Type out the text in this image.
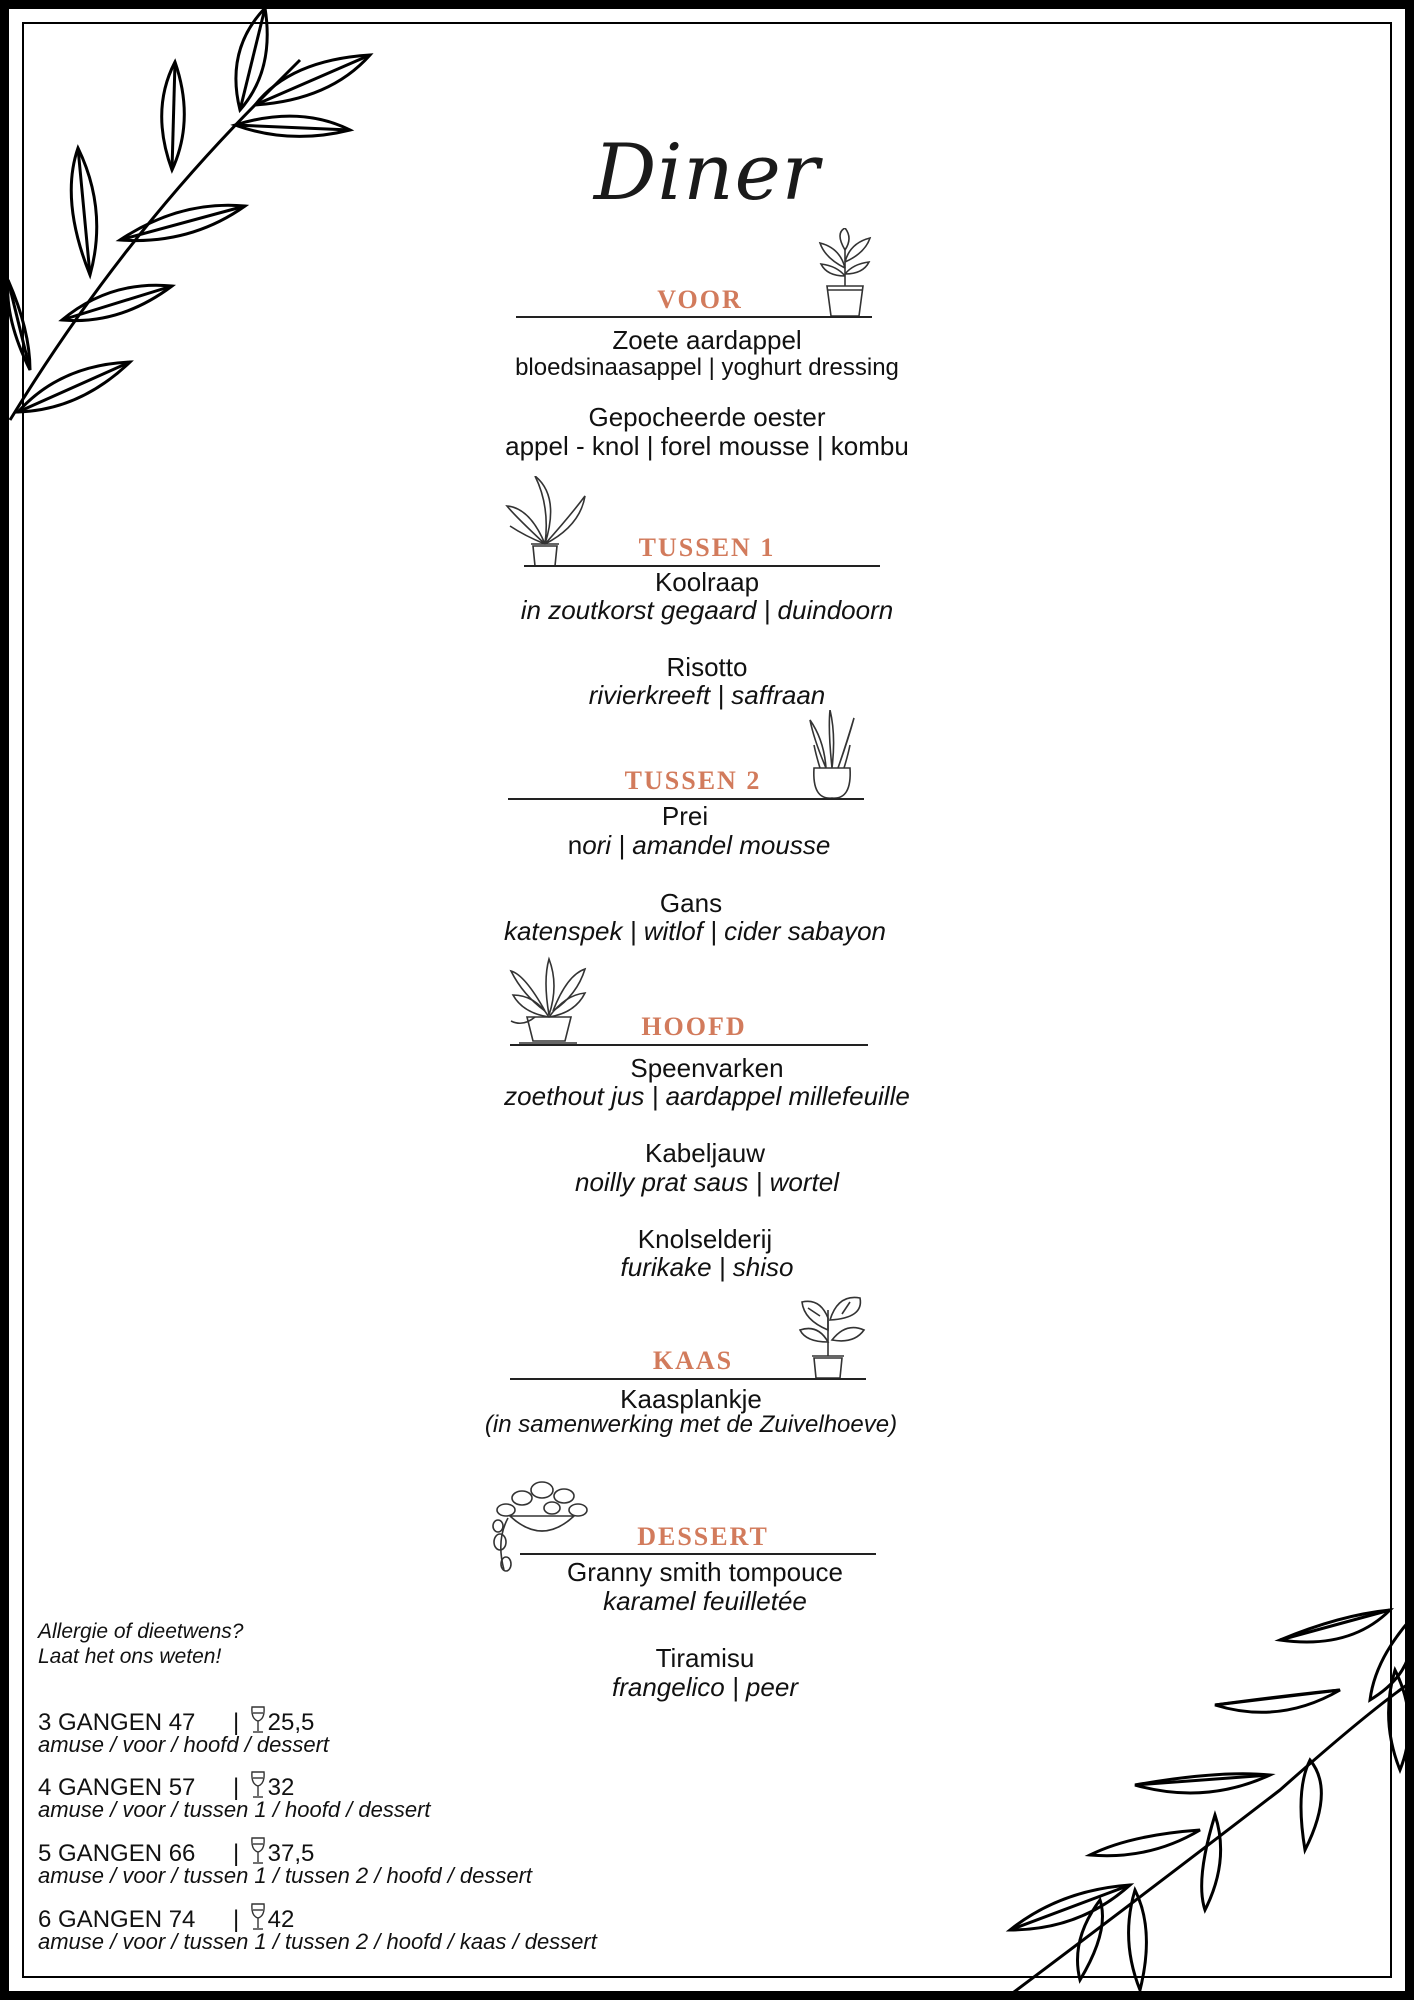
Diner
VOOR
Zoete aardappel
bloedsinaasappel | yoghurt dressing
Gepocheerde oester
appel - knol | forel mousse | kombu
TUSSEN 1
Koolraap
in zoutkorst gegaard | duindoorn
Risotto
rivierkreeft | saffraan
TUSSEN 2
Prei
nori | amandel mousse
Gans
katenspek | witlof | cider sabayon
HOOFD
Speenvarken
zoethout jus | aardappel millefeuille
Kabeljauw
noilly prat saus | wortel
Knolselderij
furikake | shiso
KAAS
Kaasplankje
(in samenwerking met de Zuivelhoeve)
DESSERT
Granny smith tompouce
karamel feuilletée
Tiramisu
frangelico | peer
Allergie of dieetwens?
Laat het ons weten!
3 GANGEN 47 | 25,5
amuse / voor / hoofd / dessert
4 GANGEN 57 | 32
amuse / voor / tussen 1 / hoofd / dessert
5 GANGEN 66 | 37,5
amuse / voor / tussen 1 / tussen 2 / hoofd / dessert
6 GANGEN 74 | 42
amuse / voor / tussen 1 / tussen 2 / hoofd / kaas / dessert
